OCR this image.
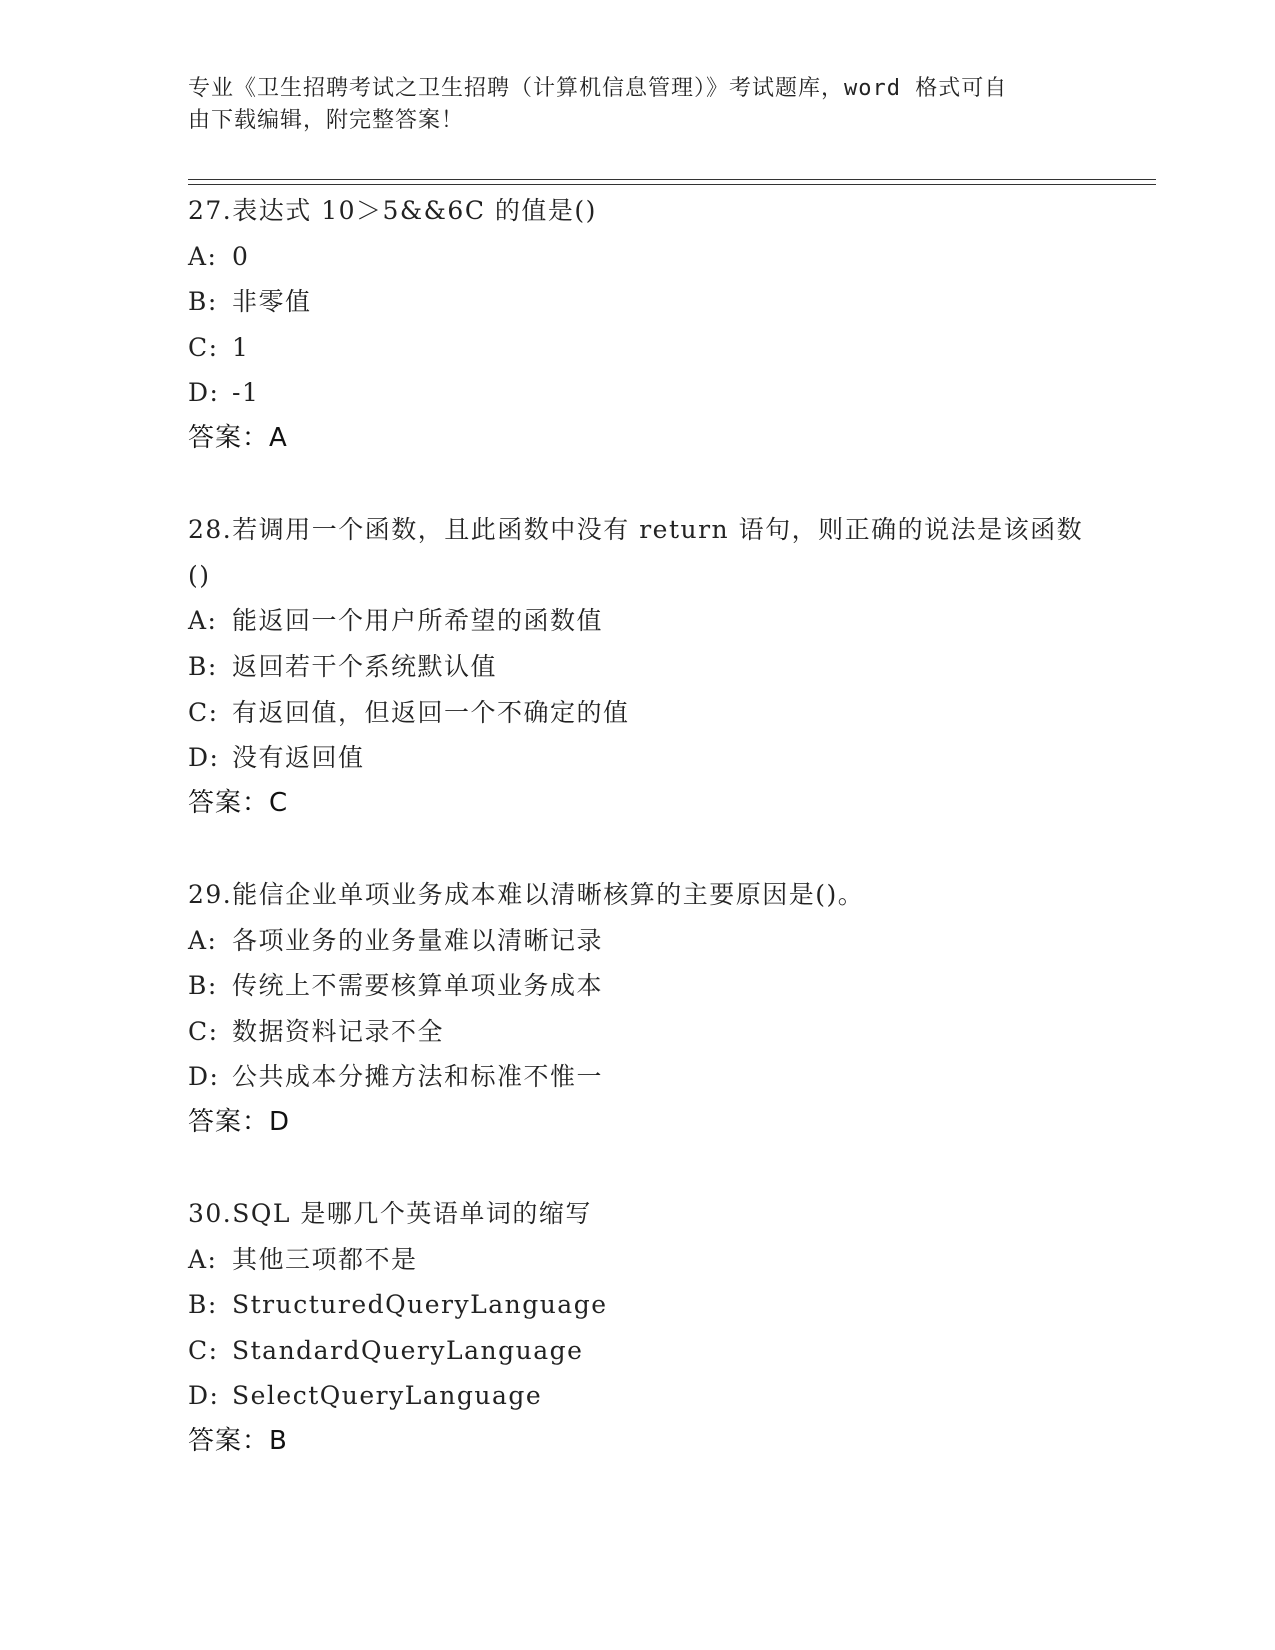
专业《卫生招聘考试之卫生招聘（计算机信息管理）》考试题库，word 格式可自
由下载编辑，附完整答案！
27.表达式 10＞5&&6C 的值是()
A: 0
B: 非零值
C: 1
D: -1
答案：A
28.若调用一个函数，且此函数中没有 return 语句，则正确的说法是该函数()
A: 能返回一个用户所希望的函数值
B: 返回若干个系统默认值
C: 有返回值，但返回一个不确定的值
D: 没有返回值
答案：C
29.能信企业单项业务成本难以清晰核算的主要原因是()。
A: 各项业务的业务量难以清晰记录
B: 传统上不需要核算单项业务成本
C: 数据资料记录不全
D: 公共成本分摊方法和标准不惟一
答案：D
30.SQL 是哪几个英语单词的缩写
A: 其他三项都不是
B: StructuredQueryLanguage
C: StandardQueryLanguage
D: SelectQueryLanguage
答案：B
